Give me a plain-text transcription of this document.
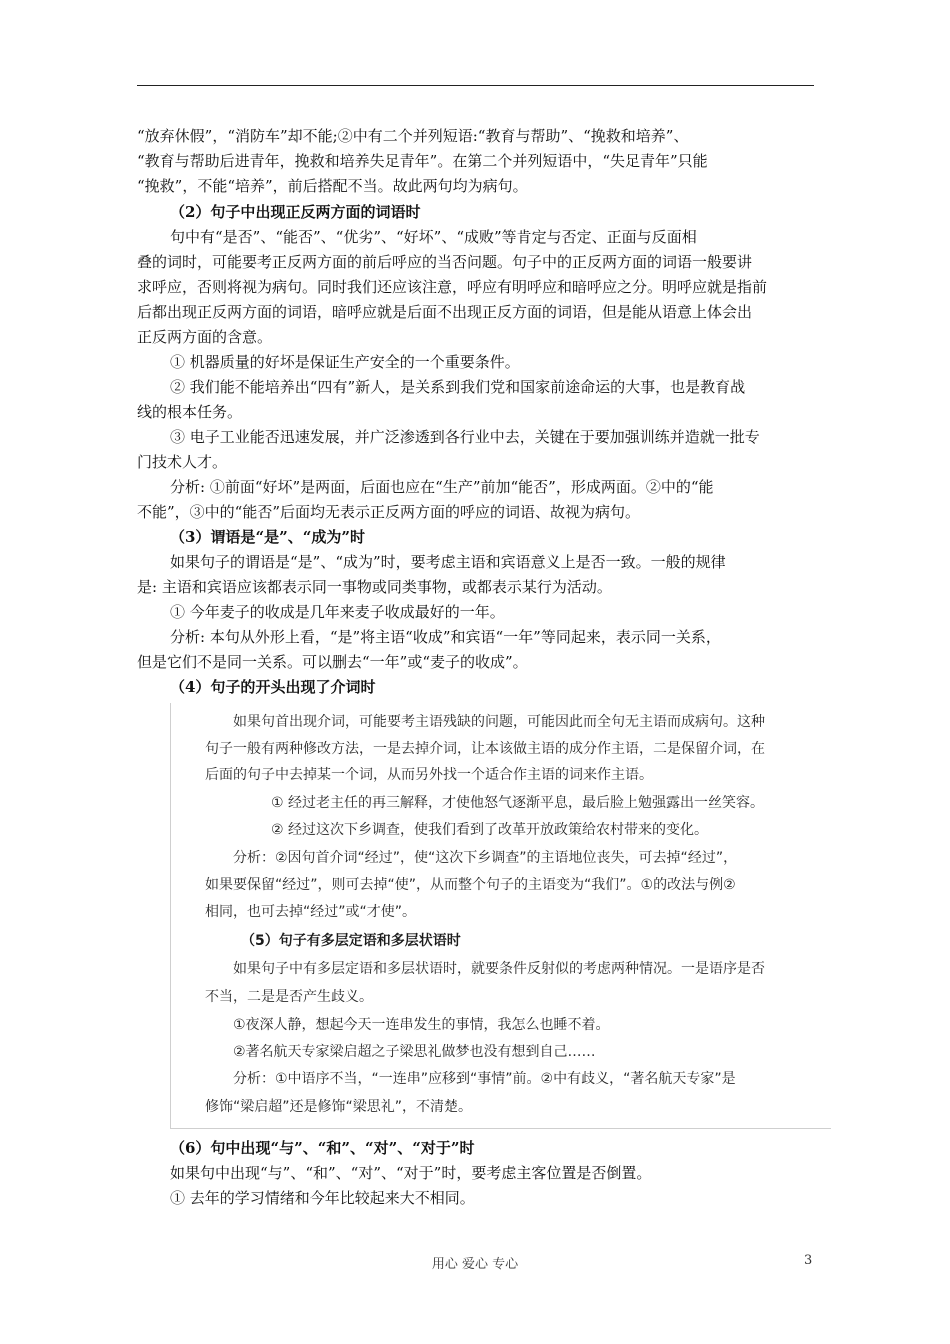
“放弃休假”，“消防车”却不能;②中有二个并列短语:“教育与帮助”、“挽救和培养”、

“教育与帮助后进青年，挽救和培养失足青年”。在第二个并列短语中，“失足青年”只能

“挽救”，不能“培养”，前后搭配不当。故此两句均为病句。

（2）句子中出现正反两方面的词语时

句中有“是否”、“能否”、“优劣”、“好坏”、“成败”等肯定与否定、正面与反面相

叠的词时，可能要考正反两方面的前后呼应的当否问题。句子中的正反两方面的词语一般要讲

求呼应，否则将视为病句。同时我们还应该注意，呼应有明呼应和暗呼应之分。明呼应就是指前

后都出现正反两方面的词语，暗呼应就是后面不出现正反方面的词语，但是能从语意上体会出

正反两方面的含意。

① 机器质量的好坏是保证生产安全的一个重要条件。

② 我们能不能培养出“四有”新人，是关系到我们党和国家前途命运的大事，也是教育战

线的根本任务。

③ 电子工业能否迅速发展，并广泛渗透到各行业中去，关键在于要加强训练并造就一批专

门技术人才。

分析: ①前面“好坏”是两面，后面也应在“生产”前加“能否”，形成两面。②中的“能

不能”，③中的“能否”后面均无表示正反两方面的呼应的词语、故视为病句。

（3）谓语是“是”、“成为”时

如果句子的谓语是“是”、“成为”时，要考虑主语和宾语意义上是否一致。一般的规律

是: 主语和宾语应该都表示同一事物或同类事物，或都表示某行为活动。

① 今年麦子的收成是几年来麦子收成最好的一年。

分析: 本句从外形上看，“是”将主语“收成”和宾语“一年”等同起来，表示同一关系，

但是它们不是同一关系。可以删去“一年”或“麦子的收成”。

（4）句子的开头出现了介词时

如果句首出现介词，可能要考主语残缺的问题，可能因此而全句无主语而成病句。这种

句子一般有两种修改方法，一是去掉介词，让本该做主语的成分作主语，二是保留介词，在

后面的句子中去掉某一个词，从而另外找一个适合作主语的词来作主语。

① 经过老主任的再三解释，才使他怒气逐渐平息，最后脸上勉强露出一丝笑容。

② 经过这次下乡调查，使我们看到了改革开放政策给农村带来的变化。

分析：②因句首介词“经过”，使“这次下乡调查”的主语地位丧失，可去掉“经过”，

如果要保留“经过”，则可去掉“使”，从而整个句子的主语变为“我们”。①的改法与例②

相同，也可去掉“经过”或“才使”。

（5）句子有多层定语和多层状语时

如果句子中有多层定语和多层状语时，就要条件反射似的考虑两种情况。一是语序是否

不当，二是是否产生歧义。

①夜深人静，想起今天一连串发生的事情，我怎么也睡不着。

②著名航天专家梁启超之子梁思礼做梦也没有想到自己……

分析：①中语序不当，“一连串”应移到“事情”前。②中有歧义，“著名航天专家”是

修饰“梁启超”还是修饰“梁思礼”，不清楚。

（6）句中出现“与”、“和”、“对”、“对于”时

如果句中出现“与”、“和”、“对”、“对于”时，要考虑主客位置是否倒置。

① 去年的学习情绪和今年比较起来大不相同。

用心 爱心 专心	3
